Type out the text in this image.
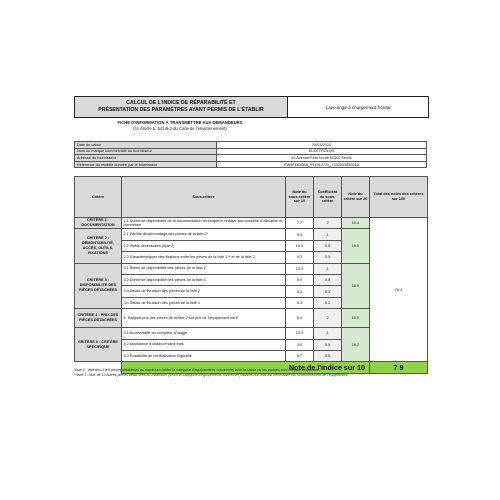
CALCUL DE L'INDICE DE RÉPARABILITÉ ET
PRÉSENTATION DES PARAMÈTRES AYANT PERMIS DE L'ÉTABLIR	Lave-linge à chargement frontal
FICHE D'INFORMATION À TRANSMETTRE AUX DEMANDEURS
(cf. Article L. 541-9-2 du Code de l'environnement)
Date du calcul	29/03/2024
Nom ou marque commerciale du fournisseur	ELECTROLUX
Adresse du fournisseur	43 Avenue Félix Louat 60300 Senlis
Référence du modèle donnée par le fournisseur	EW5F1834BA_914917726_7332543459318
Critère	Sous-critère	Note du sous-critère sur 10	Coefficient du sous-critère	Note du critère sur 20	Total des notes des critères sur 100
CRITÈRE 1 : DOCUMENTATION	1.1 Durée de disponibilité de la documentation technique et relative aux conseils d'utilisation et d'entretien	7.7	2	15.4	79.4
CRITÈRE 2 : DÉMONTABILITÉ, ACCÈS, OUTILS, FIXATIONS	2.1 Facilité de démontage des pièces de la liste 2*	9.3	1	19.0	
	2.2 Outils nécessaires (liste 2)	10.0	0.5		
	2.3 Caractéristiques des fixations entre les pièces de la liste 1** et de la liste 2	9.3	0.5		
CRITÈRE 3 : DISPONIBILITÉ DES PIÈCES DÉTACHÉES	3.1 Durée de disponibilité des pièces de la liste 2	10.0	1	18.9	
	3.2 Durée de disponibilité des pièces de la liste 1	9.0	0.5		
	3.3 Délais de livraison des pièces de la liste 2	8.2	0.3		
	3.4 Délais de livraison des pièces de la liste 1	8.3	0.2		
CRITÈRE 4 : PRIX DES PIÈCES DÉTACHÉES	4. Rapport prix des pièces de la liste 2 sur prix de l'équipement neuf	5.0	2	10.0	
CRITÈRE 5 : CRITÈRE SPÉCIFIQUE	5.1 Accessibilité du compteur d'usage	10.0	1	16.2	
	5.2 Assistance à distance sans frais	4.0	0.5		
	5.3 Possibilité de réinitialisation logicielle	8.7	0.5		
	Note de l'indice sur 10				7.9
*liste 2 : liste des 3 à 5 pièces détachées au maximum (selon la catégorie d'équipements concernée) dont la casse ou les pannes sont les plus fréquentes ;
**liste 1 : liste de 10 autres pièces détachées au maximum (selon la catégorie d'équipements concernée) dont le bon état est nécessaire au fonctionnement de l'équipement.
